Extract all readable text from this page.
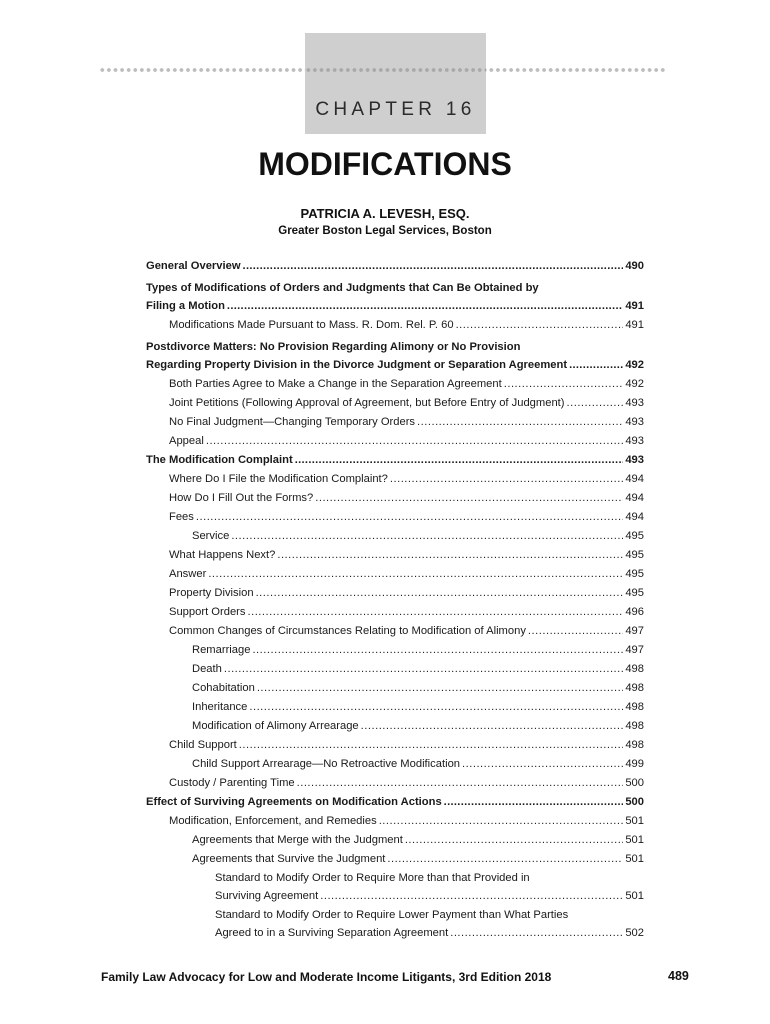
CHAPTER 16
MODIFICATIONS
PATRICIA A. LEVESH, ESQ.
Greater Boston Legal Services, Boston
General Overview .....	490
Types of Modifications of Orders and Judgments that Can Be Obtained by
Filing a Motion .....	491
Modifications Made Pursuant to Mass. R. Dom. Rel. P. 60 .....	491
Postdivorce Matters: No Provision Regarding Alimony or No Provision
Regarding Property Division in the Divorce Judgment or Separation Agreement .....	492
Both Parties Agree to Make a Change in the Separation Agreement .....	492
Joint Petitions (Following Approval of Agreement, but Before Entry of Judgment) .....	493
No Final Judgment—Changing Temporary Orders .....	493
Appeal .....	493
The Modification Complaint .....	493
Where Do I File the Modification Complaint? .....	494
How Do I Fill Out the Forms? .....	494
Fees .....	494
Service .....	495
What Happens Next? .....	495
Answer .....	495
Property Division .....	495
Support Orders .....	496
Common Changes of Circumstances Relating to Modification of Alimony .....	497
Remarriage .....	497
Death .....	498
Cohabitation .....	498
Inheritance .....	498
Modification of Alimony Arrearage .....	498
Child Support .....	498
Child Support Arrearage—No Retroactive Modification .....	499
Custody / Parenting Time .....	500
Effect of Surviving Agreements on Modification Actions .....	500
Modification, Enforcement, and Remedies .....	501
Agreements that Merge with the Judgment .....	501
Agreements that Survive the Judgment .....	501
Standard to Modify Order to Require More than that Provided in
Surviving Agreement .....	501
Standard to Modify Order to Require Lower Payment than What Parties
Agreed to in a Surviving Separation Agreement .....	502
Family Law Advocacy for Low and Moderate Income Litigants, 3rd Edition 2018	489
